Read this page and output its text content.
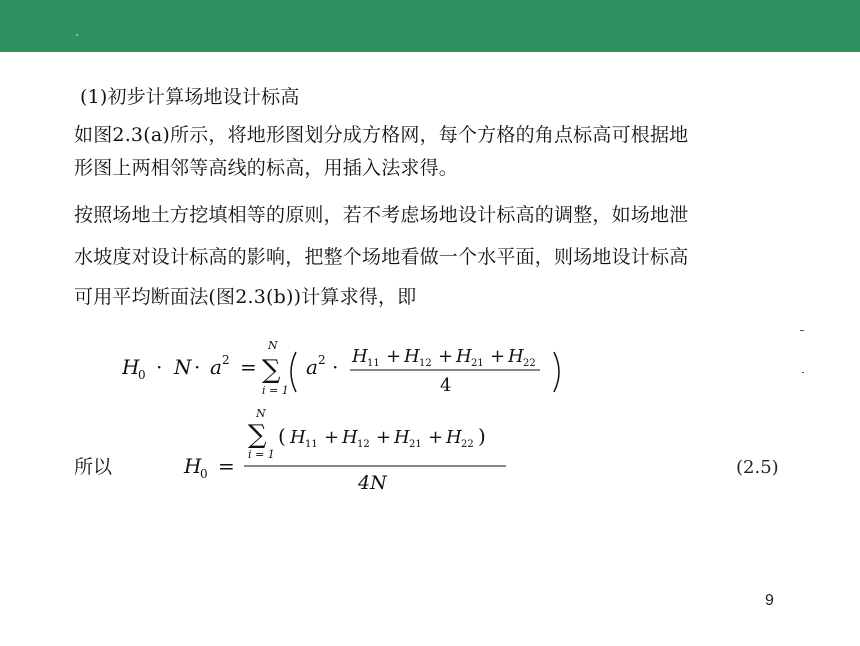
(1)初步计算场地设计标高
如图2.3(a)所示，将地形图划分成方格网，每个方格的角点标高可根据地
形图上两相邻等高线的标高，用插入法求得。
按照场地土方挖填相等的原则，若不考虑场地设计标高的调整，如场地泄
水坡度对设计标高的影响，把整个场地看做一个水平面，则场地设计标高
可用平均断面法(图2.3(b))计算求得，即
H
0 · N · a 2 =
N
∑
i = 1
a 2 · H 11 + H 12 + H 21 + H 22
4
所以	H
0 =
N
∑
i = 1
( H 11 + H 12 + H 21 + H 22 )
4N
(2.5)
9
